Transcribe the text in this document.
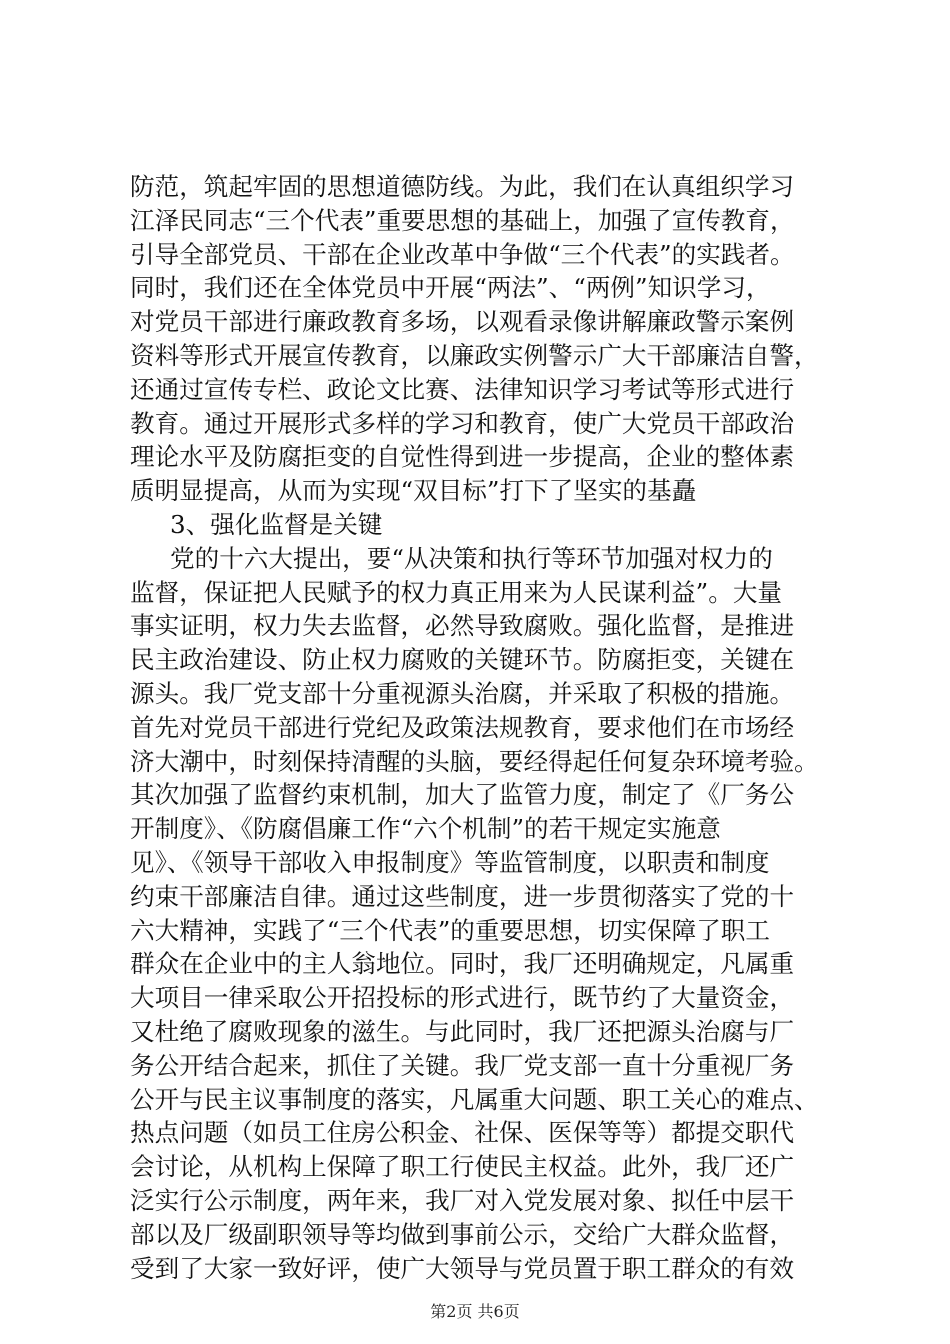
防范，筑起牢固的思想道德防线。为此，我们在认真组织学习
江泽民同志“三个代表”重要思想的基础上，加强了宣传教育，
引导全部党员、干部在企业改革中争做“三个代表”的实践者。
同时，我们还在全体党员中开展“两法”、“两例”知识学习，
对党员干部进行廉政教育多场，以观看录像讲解廉政警示案例
资料等形式开展宣传教育，以廉政实例警示广大干部廉洁自警，
还通过宣传专栏、政论文比赛、法律知识学习考试等形式进行
教育。通过开展形式多样的学习和教育，使广大党员干部政治
理论水平及防腐拒变的自觉性得到进一步提高，企业的整体素
质明显提高，从而为实现“双目标”打下了坚实的基矗
3、强化监督是关键
党的十六大提出，要“从决策和执行等环节加强对权力的
监督，保证把人民赋予的权力真正用来为人民谋利益”。大量
事实证明，权力失去监督，必然导致腐败。强化监督，是推进
民主政治建设、防止权力腐败的关键环节。防腐拒变，关键在
源头。我厂党支部十分重视源头治腐，并采取了积极的措施。
首先对党员干部进行党纪及政策法规教育，要求他们在市场经
济大潮中，时刻保持清醒的头脑，要经得起任何复杂环境考验。
其次加强了监督约束机制，加大了监管力度，制定了《厂务公
开制度》、《防腐倡廉工作“六个机制”的若干规定实施意
见》、《领导干部收入申报制度》等监管制度，以职责和制度
约束干部廉洁自律。通过这些制度，进一步贯彻落实了党的十
六大精神，实践了“三个代表”的重要思想，切实保障了职工
群众在企业中的主人翁地位。同时，我厂还明确规定，凡属重
大项目一律采取公开招投标的形式进行，既节约了大量资金，
又杜绝了腐败现象的滋生。与此同时，我厂还把源头治腐与厂
务公开结合起来，抓住了关键。我厂党支部一直十分重视厂务
公开与民主议事制度的落实，凡属重大问题、职工关心的难点、
热点问题（如员工住房公积金、社保、医保等等）都提交职代
会讨论，从机构上保障了职工行使民主权益。此外，我厂还广
泛实行公示制度，两年来，我厂对入党发展对象、拟任中层干
部以及厂级副职领导等均做到事前公示，交给广大群众监督，
受到了大家一致好评，使广大领导与党员置于职工群众的有效
第2页 共6页
